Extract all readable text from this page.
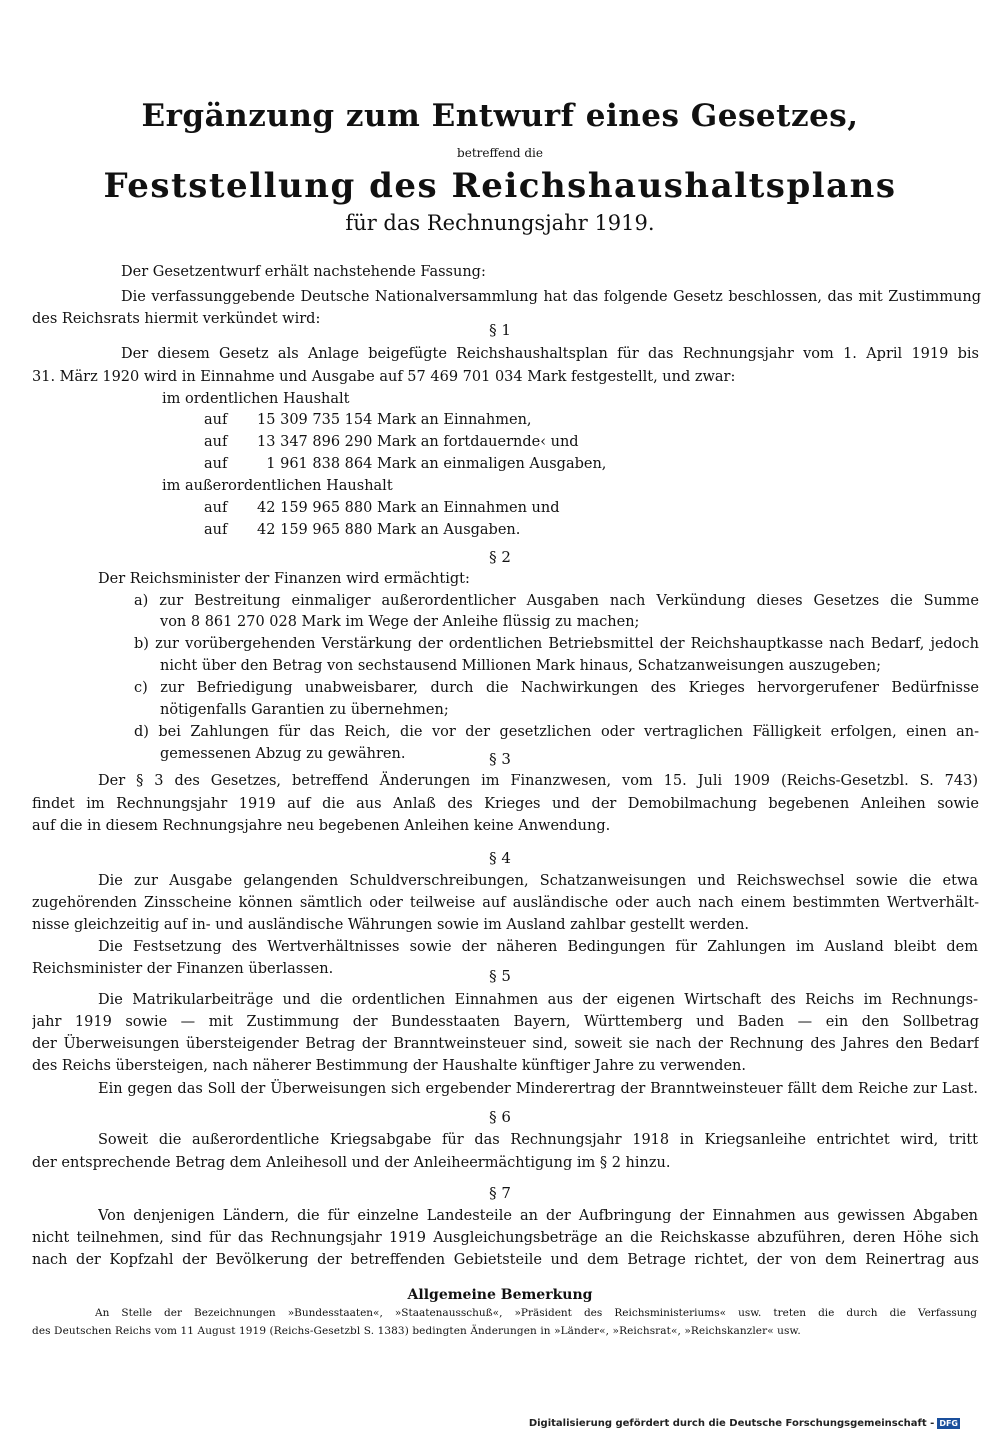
Ergänzung zum Entwurf eines Gesetzes,
betreffend die
Feststellung des Reichshaushaltsplans
für das Rechnungsjahr 1919.
Der Gesetzentwurf erhält nachstehende Fassung:
Die verfassunggebende Deutsche Nationalversammlung hat das folgende Gesetz beschlossen, das mit Zustimmung
des Reichsrats hiermit verkündet wird:
§ 1
Der diesem Gesetz als Anlage beigefügte Reichshaushaltsplan für das Rechnungsjahr vom 1. April 1919 bis
31. März 1920 wird in Einnahme und Ausgabe auf 57 469 701 034 Mark festgestellt, und zwar:
im ordentlichen Haushalt
auf 15 309 735 154 Mark an Einnahmen,
auf 13 347 896 290 Mark an fortdauernde‹ und
auf	1 961 838 864 Mark an einmaligen Ausgaben,
im außerordentlichen Haushalt
auf 42 159 965 880 Mark an Einnahmen und
auf 42 159 965 880 Mark an Ausgaben.
§ 2
Der Reichsminister der Finanzen wird ermächtigt:
a) zur Bestreitung einmaliger außerordentlicher Ausgaben nach Verkündung dieses Gesetzes die Summe
von 8 861 270 028 Mark im Wege der Anleihe flüssig zu machen;
b) zur vorübergehenden Verstärkung der ordentlichen Betriebsmittel der Reichshauptkasse nach Bedarf, jedoch
nicht über den Betrag von sechstausend Millionen Mark hinaus, Schatzanweisungen auszugeben;
c) zur Befriedigung unabweisbarer, durch die Nachwirkungen des Krieges hervorgerufener Bedürfnisse
nötigenfalls Garantien zu übernehmen;
d) bei Zahlungen für das Reich, die vor der gesetzlichen oder vertraglichen Fälligkeit erfolgen, einen an-
gemessenen Abzug zu gewähren.	§ 3
Der § 3 des Gesetzes, betreffend Änderungen im Finanzwesen, vom 15. Juli 1909 (Reichs-Gesetzbl. S. 743)
findet im Rechnungsjahr 1919 auf die aus Anlaß des Krieges und der Demobilmachung begebenen Anleihen sowie
auf die in diesem Rechnungsjahre neu begebenen Anleihen keine Anwendung.
§ 4
Die zur Ausgabe gelangenden Schuldverschreibungen, Schatzanweisungen und Reichswechsel sowie die etwa
zugehörenden Zinsscheine können sämtlich oder teilweise auf ausländische oder auch nach einem bestimmten Wertverhält-
nisse gleichzeitig auf in- und ausländische Währungen sowie im Ausland zahlbar gestellt werden.
Die Festsetzung des Wertverhältnisses sowie der näheren Bedingungen für Zahlungen im Ausland bleibt dem
Reichsminister der Finanzen überlassen.	§ 5
Die Matrikularbeiträge und die ordentlichen Einnahmen aus der eigenen Wirtschaft des Reichs im Rechnungs-
jahr 1919 sowie — mit Zustimmung der Bundesstaaten Bayern, Württemberg und Baden — ein den Sollbetrag
der Überweisungen übersteigender Betrag der Branntweinsteuer sind, soweit sie nach der Rechnung des Jahres den Bedarf
des Reichs übersteigen, nach näherer Bestimmung der Haushalte künftiger Jahre zu verwenden.
Ein gegen das Soll der Überweisungen sich ergebender Minderertrag der Branntweinsteuer fällt dem Reiche zur Last.
§ 6
Soweit die außerordentliche Kriegsabgabe für das Rechnungsjahr 1918 in Kriegsanleihe entrichtet wird, tritt
der entsprechende Betrag dem Anleihesoll und der Anleiheermächtigung im § 2 hinzu.
§ 7
Von denjenigen Ländern, die für einzelne Landesteile an der Aufbringung der Einnahmen aus gewissen Abgaben
nicht teilnehmen, sind für das Rechnungsjahr 1919 Ausgleichungsbeträge an die Reichskasse abzuführen, deren Höhe sich
nach der Kopfzahl der Bevölkerung der betreffenden Gebietsteile und dem Betrage richtet, der von dem Reinertrag aus
Allgemeine Bemerkung
An Stelle der Bezeichnungen »Bundesstaaten«, »Staatenausschuß«, »Präsident des Reichsministeriums« usw. treten die durch die Verfassung
des Deutschen Reichs vom 11 August 1919 (Reichs-Gesetzbl S. 1383) bedingten Änderungen in »Länder«, »Reichsrat«, »Reichskanzler« usw.
Digitalisierung gefördert durch die Deutsche Forschungsgemeinschaft - DFG
